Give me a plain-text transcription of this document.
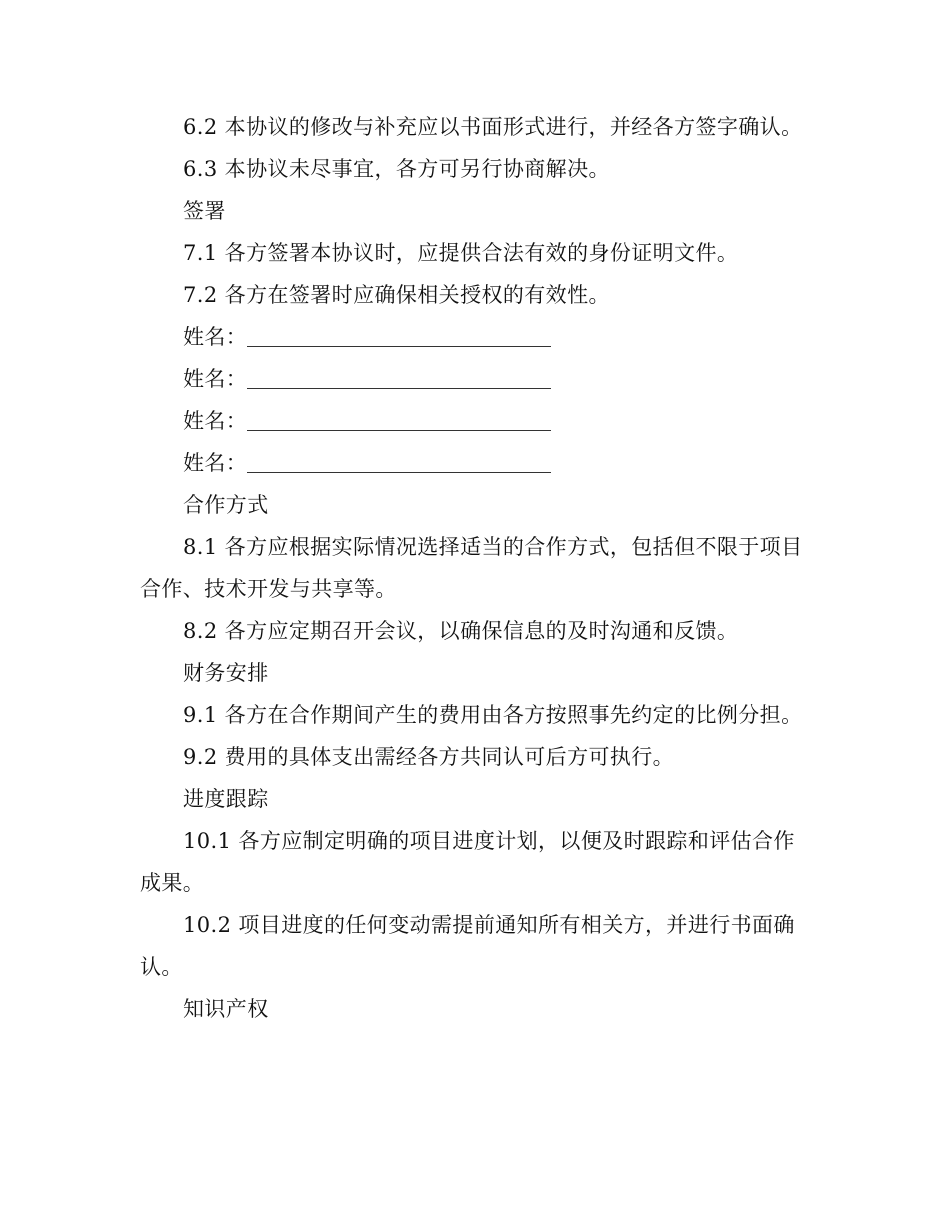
6.2 本协议的修改与补充应以书面形式进行，并经各方签字确认。

6.3 本协议未尽事宜，各方可另行协商解决。

签署

7.1 各方签署本协议时，应提供合法有效的身份证明文件。

7.2 各方在签署时应确保相关授权的有效性。

姓名：
姓名：
姓名：
姓名：

合作方式

8.1 各方应根据实际情况选择适当的合作方式，包括但不限于项目合作、技术开发与共享等。

8.2 各方应定期召开会议，以确保信息的及时沟通和反馈。

财务安排

9.1 各方在合作期间产生的费用由各方按照事先约定的比例分担。

9.2 费用的具体支出需经各方共同认可后方可执行。

进度跟踪

10.1 各方应制定明确的项目进度计划，以便及时跟踪和评估合作成果。

10.2 项目进度的任何变动需提前通知所有相关方，并进行书面确认。

知识产权
